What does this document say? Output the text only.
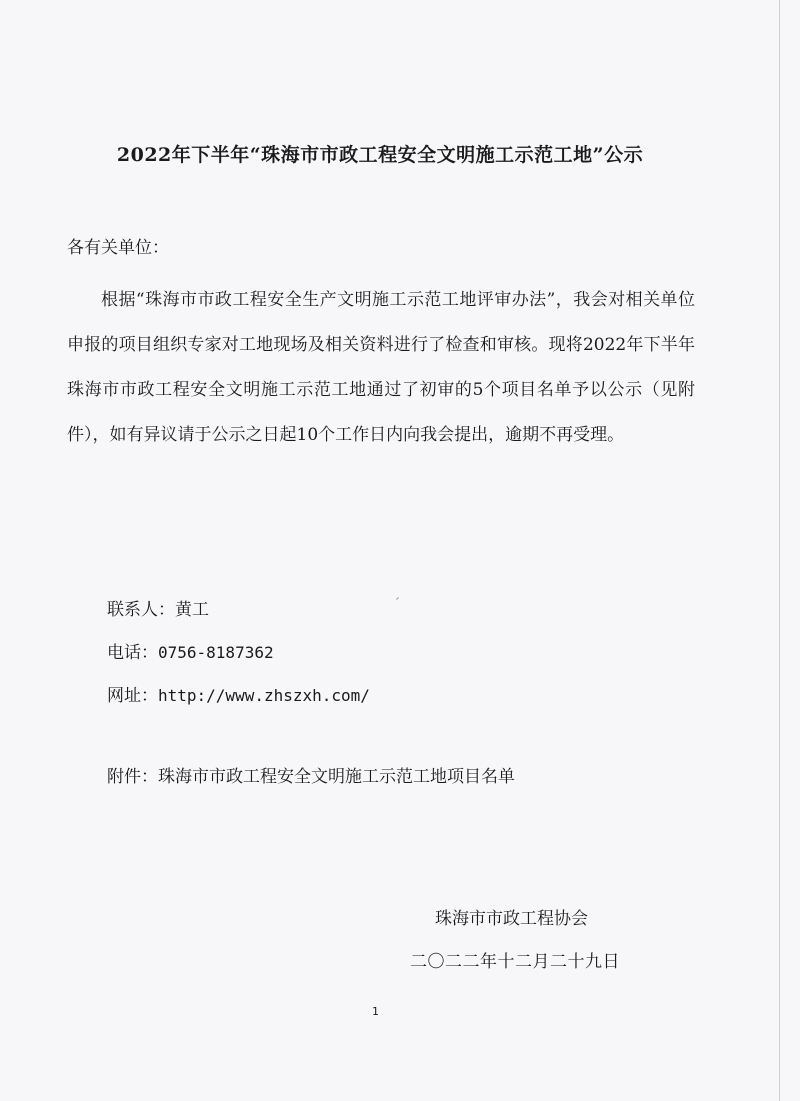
2022年下半年“珠海市市政工程安全文明施工示范工地”公示
各有关单位：
根据“珠海市市政工程安全生产文明施工示范工地评审办法”，我会对相关单位申报的项目组织专家对工地现场及相关资料进行了检查和审核。现将2022年下半年珠海市市政工程安全文明施工示范工地通过了初审的5个项目名单予以公示（见附件），如有异议请于公示之日起10个工作日内向我会提出，逾期不再受理。
联系人：黄工
电话：0756-8187362
网址：http://www.zhszxh.com/
附件：珠海市市政工程安全文明施工示范工地项目名单
珠海市市政工程协会
二〇二二年十二月二十九日
1
